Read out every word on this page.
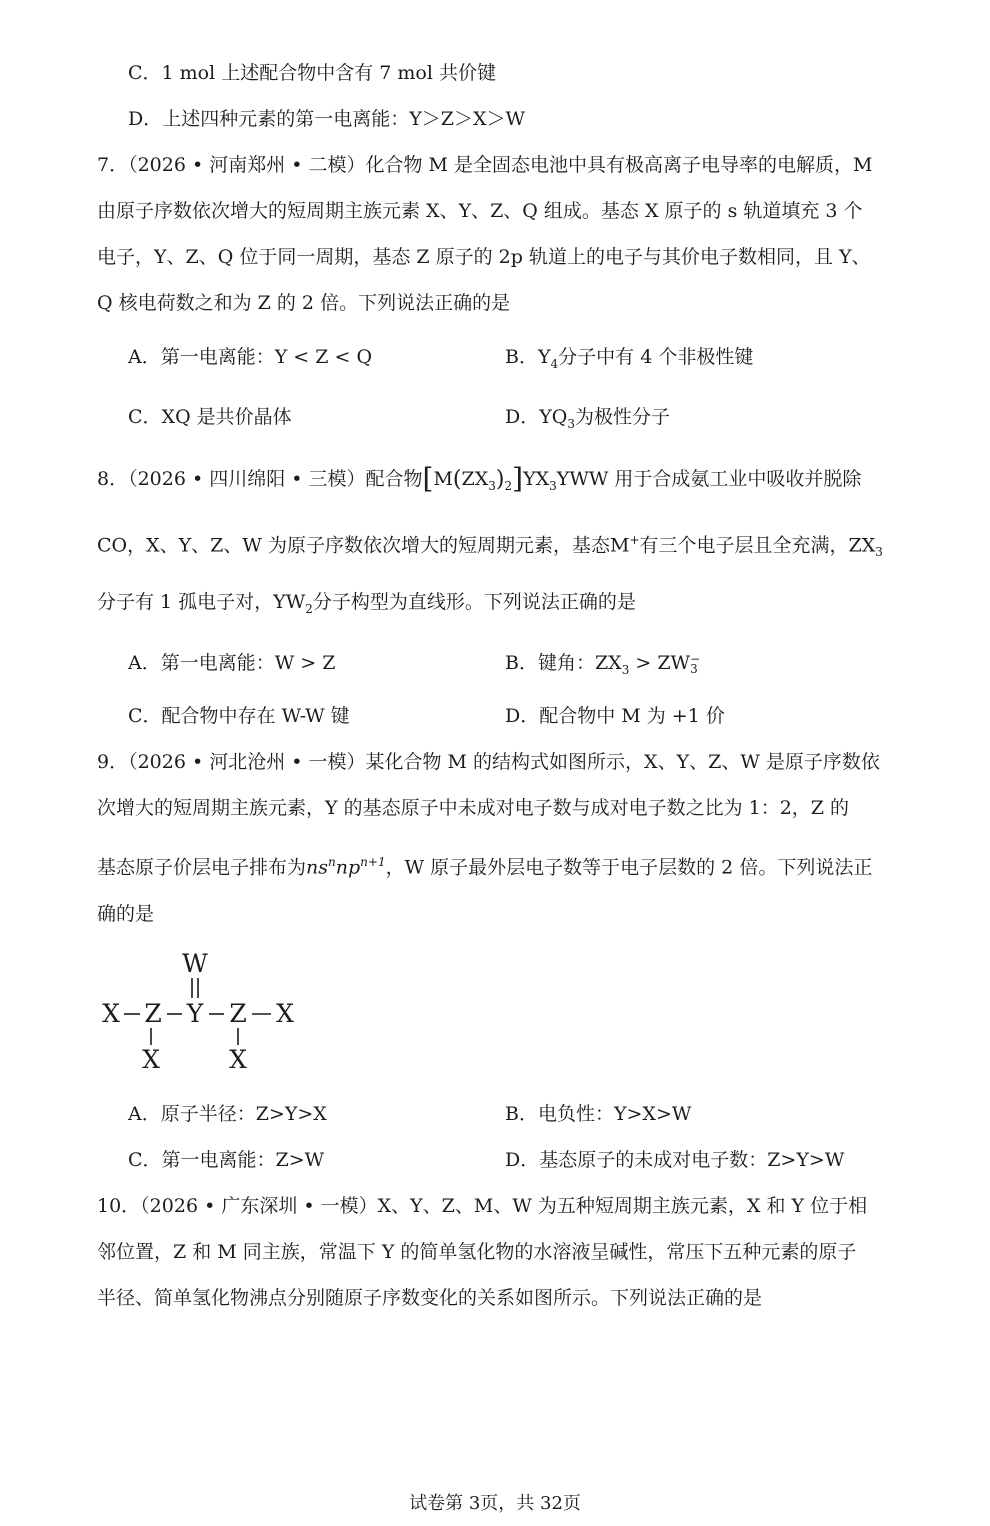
C．1 mol 上述配合物中含有 7 mol 共价键
D．上述四种元素的第一电离能：Y＞Z＞X＞W
7．（2026 • 河南郑州 • 二模）化合物 M 是全固态电池中具有极高离子电导率的电解质，M
由原子序数依次增大的短周期主族元素 X、Y、Z、Q 组成。基态 X 原子的 s 轨道填充 3 个
电子，Y、Z、Q 位于同一周期，基态 Z 原子的 2p 轨道上的电子与其价电子数相同，且 Y、
Q 核电荷数之和为 Z 的 2 倍。下列说法正确的是
A．第一电离能：Y < Z < Q	B．$Y_4$分子中有 4 个非极性键
C．XQ 是共价晶体	D．$YQ_3$为极性分子
8．（2026 • 四川绵阳 • 三模）配合物$[M(ZX_3)_2]YX_3YWW$ 用于合成氨工业中吸收并脱除
CO，X、Y、Z、W 为原子序数依次增大的短周期元素，基态M+有三个电子层且全充满，$ZX_3$
分子有 1 孤电子对，$YW_2$分子构型为直线形。下列说法正确的是
A．第一电离能：W > Z	B．键角：$ZX_3$ > ZW −
3
C．配合物中存在 W-W 键	D．配合物中 M 为 +1 价
9．（2026 • 河北沧州 • 一模）某化合物 M 的结构式如图所示，X、Y、Z、W 是原子序数依
次增大的短周期主族元素，Y 的基态原子中未成对电子数与成对电子数之比为 1：2，Z 的
基态原子价层电子排布为$ns^nnp^{n+1}$，W 原子最外层电子数等于电子层数的 2 倍。下列说法正
确的是
W
X Z Y Z X
X	X
A．原子半径：Z>Y>X	B．电负性：Y>X>W
C．第一电离能：Z>W	D．基态原子的未成对电子数：Z>Y>W
10．（2026 • 广东深圳 • 一模）X、Y、Z、M、W 为五种短周期主族元素，X 和 Y 位于相
邻位置，Z 和 M 同主族，常温下 Y 的简单氢化物的水溶液呈碱性，常压下五种元素的原子
半径、简单氢化物沸点分别随原子序数变化的关系如图所示。下列说法正确的是
试卷第 3页，共 32页
